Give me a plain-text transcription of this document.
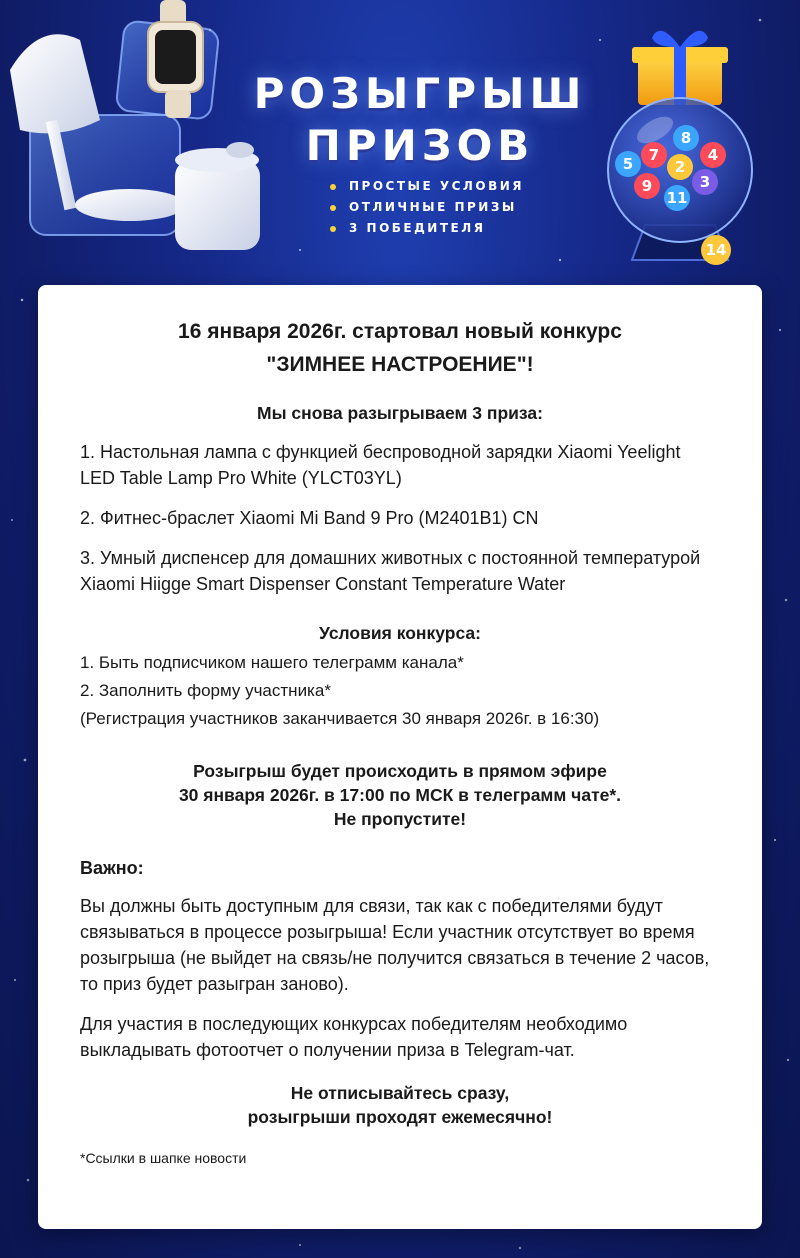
РОЗЫГРЫШ
ПРИЗОВ
ПРОСТЫЕ УСЛОВИЯ
ОТЛИЧНЫЕ ПРИЗЫ
3 ПОБЕДИТЕЛЯ
8
7	4
5	2
3
9
11
14
16 января 2026г. стартовал новый конкурс
"ЗИМНЕЕ НАСТРОЕНИЕ"!
Мы снова разыгрываем 3 приза:

1. Настольная лампа с функцией беспроводной зарядки Xiaomi Yeelight LED Table Lamp Pro White (YLCT03YL)

2. Фитнес-браслет Xiaomi Mi Band 9 Pro (M2401B1) CN

3. Умный диспенсер для домашних животных с постоянной температурой Xiaomi Hiigge Smart Dispenser Constant Temperature Water

Условия конкурса:

1. Быть подписчиком нашего телеграмм канала*

2. Заполнить форму участника*

(Регистрация участников заканчивается 30 января 2026г. в 16:30)

Розыгрыш будет происходить в прямом эфире
30 января 2026г. в 17:00 по МСК в телеграмм чате*.
Не пропустите!

Важно:

Вы должны быть доступным для связи, так как с победителями будут связываться в процессе розыгрыша! Если участник отсутствует во время розыгрыша (не выйдет на связь/не получится связаться в течение 2 часов, то приз будет разыгран заново).

Для участия в последующих конкурсах победителям необходимо выкладывать фотоотчет о получении приза в Telegram-чат.

Не отписывайтесь сразу,
розыгрыши проходят ежемесячно!

*Ссылки в шапке новости
